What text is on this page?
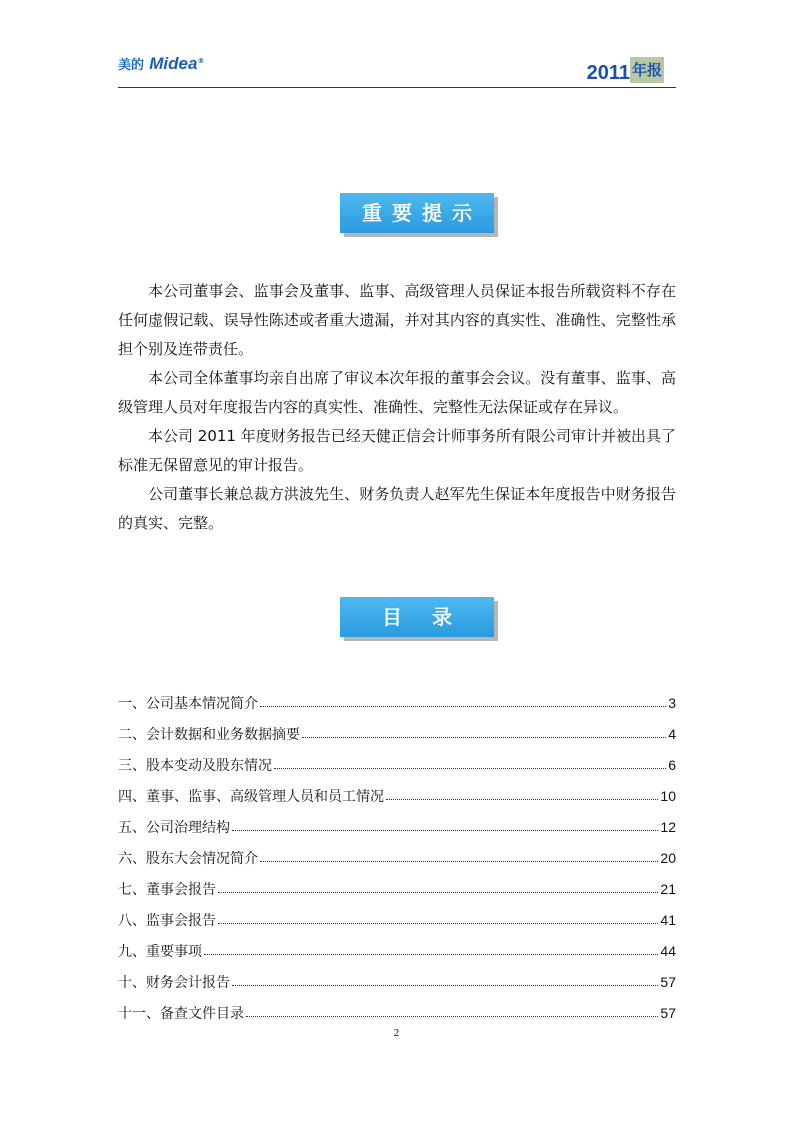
美的 Midea®
2011 年报
重要提示

本公司董事会、监事会及董事、监事、高级管理人员保证本报告所载资料不存在任何虚假记载、误导性陈述或者重大遗漏，并对其内容的真实性、准确性、完整性承担个别及连带责任。

本公司全体董事均亲自出席了审议本次年报的董事会会议。没有董事、监事、高级管理人员对年度报告内容的真实性、准确性、完整性无法保证或存在异议。

本公司 2011 年度财务报告已经天健正信会计师事务所有限公司审计并被出具了标准无保留意见的审计报告。

公司董事长兼总裁方洪波先生、财务负责人赵军先生保证本年度报告中财务报告的真实、完整。

目录
一、公司基本情况简介	3
二、会计数据和业务数据摘要	4
三、股本变动及股东情况	6
四、董事、监事、高级管理人员和员工情况	10
五、公司治理结构	12
六、股东大会情况简介	20
七、董事会报告	21
八、监事会报告	41
九、重要事项	44
十、财务会计报告	57
十一、备查文件目录	57
2
